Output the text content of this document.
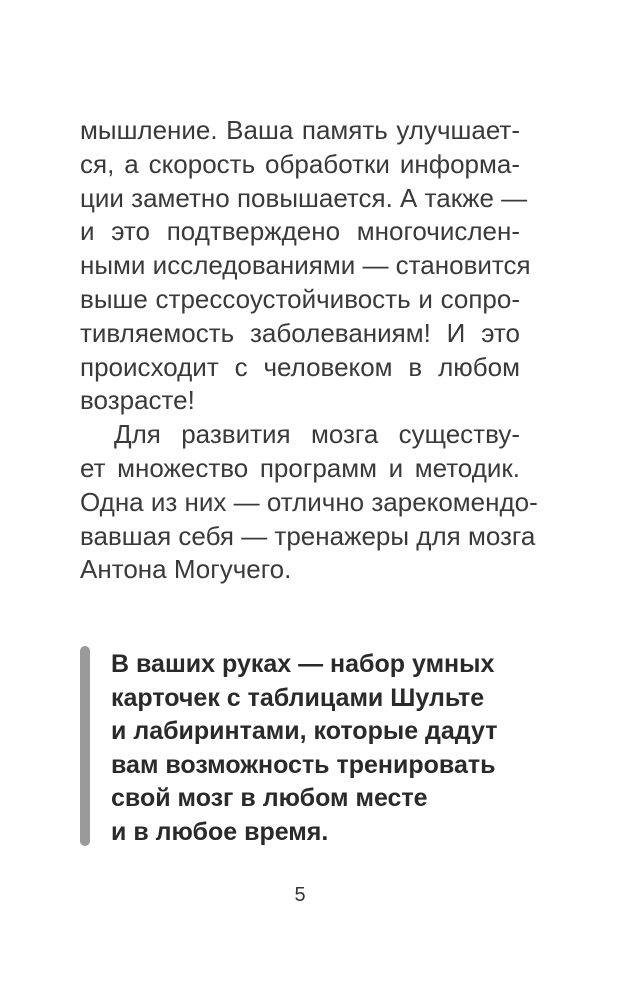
мышление. Ваша память улучшает-
ся, а скорость обработки информа-
ции заметно повышается. А также —
и это подтверждено многочислен-
ными исследованиями — становится
выше стрессоустойчивость и сопро-
тивляемость заболеваниям! И это
происходит с человеком в любом
возрасте!
Для развития мозга существу-
ет множество программ и методик.
Одна из них — отлично зарекомендо-
вавшая себя — тренажеры для мозга
Антона Могучего.
В ваших руках — набор умных
карточек с таблицами Шульте
и лабиринтами, которые дадут
вам возможность тренировать
свой мозг в любом месте
и в любое время.
5
